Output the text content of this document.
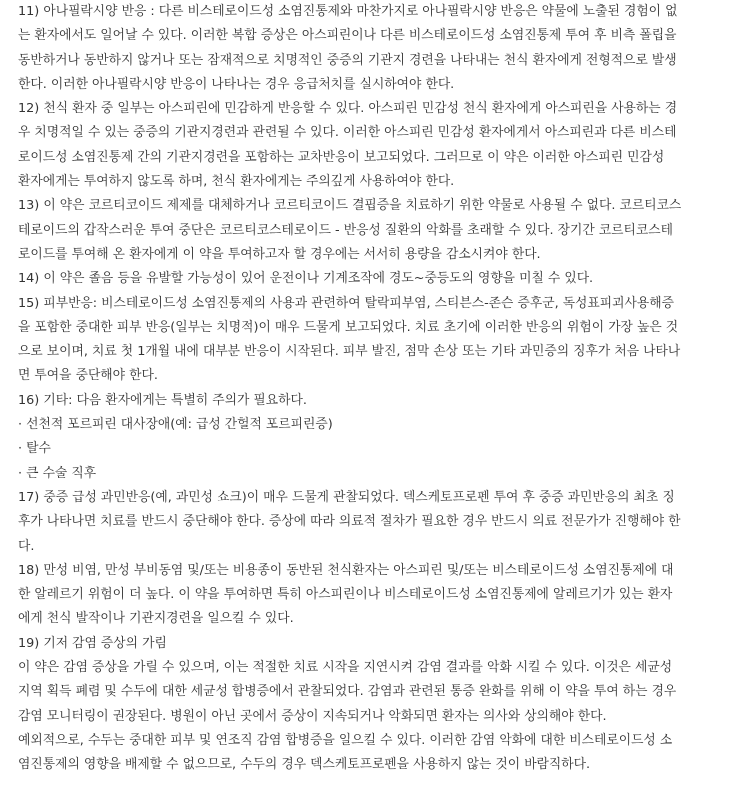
11) 아나필락시양 반응 : 다른 비스테로이드성 소염진통제와 마찬가지로 아나필락시양 반응은 약물에 노출된 경험이 없
는 환자에서도 일어날 수 있다. 이러한 복합 증상은 아스피린이나 다른 비스테로이드성 소염진통제 투여 후 비측 폴립을
동반하거나 동반하지 않거나 또는 잠재적으로 치명적인 중증의 기관지 경련을 나타내는 천식 환자에게 전형적으로 발생
한다. 이러한 아나필락시양 반응이 나타나는 경우 응급처치를 실시하여야 한다.
12) 천식 환자 중 일부는 아스피린에 민감하게 반응할 수 있다. 아스피린 민감성 천식 환자에게 아스피린을 사용하는 경
우 치명적일 수 있는 중증의 기관지경련과 관련될 수 있다. 이러한 아스피린 민감성 환자에게서 아스피린과 다른 비스테
로이드성 소염진통제 간의 기관지경련을 포함하는 교차반응이 보고되었다. 그러므로 이 약은 이러한 아스피린 민감성
환자에게는 투여하지 않도록 하며, 천식 환자에게는 주의깊게 사용하여야 한다.
13) 이 약은 코르티코이드 제제를 대체하거나 코르티코이드 결핍증을 치료하기 위한 약물로 사용될 수 없다. 코르티코스
테로이드의 갑작스러운 투여 중단은 코르티코스테로이드 - 반응성 질환의 악화를 초래할 수 있다. 장기간 코르티코스테
로이드를 투여해 온 환자에게 이 약을 투여하고자 할 경우에는 서서히 용량을 감소시켜야 한다.
14) 이 약은 졸음 등을 유발할 가능성이 있어 운전이나 기계조작에 경도~중등도의 영향을 미칠 수 있다.
15) 피부반응: 비스테로이드성 소염진통제의 사용과 관련하여 탈락피부염, 스티븐스-존슨 증후군, 독성표피괴사용해증
을 포함한 중대한 피부 반응(일부는 치명적)이 매우 드물게 보고되었다. 치료 초기에 이러한 반응의 위험이 가장 높은 것
으로 보이며, 치료 첫 1개월 내에 대부분 반응이 시작된다. 피부 발진, 점막 손상 또는 기타 과민증의 징후가 처음 나타나
면 투여을 중단해야 한다.
16) 기타: 다음 환자에게는 특별히 주의가 필요하다.
· 선천적 포르피린 대사장애(예: 급성 간헐적 포르피린증)
· 탈수
· 큰 수술 직후
17) 중증 급성 과민반응(예, 과민성 쇼크)이 매우 드물게 관찰되었다. 덱스케토프로펜 투여 후 중증 과민반응의 최초 징
후가 나타나면 치료를 반드시 중단해야 한다. 증상에 따라 의료적 절차가 필요한 경우 반드시 의료 전문가가 진행해야 한
다.
18) 만성 비염, 만성 부비동염 및/또는 비용종이 동반된 천식환자는 아스피린 및/또는 비스테로이드성 소염진통제에 대
한 알레르기 위험이 더 높다. 이 약을 투여하면 특히 아스피린이나 비스테로이드성 소염진통제에 알레르기가 있는 환자
에게 천식 발작이나 기관지경련을 일으킬 수 있다.
19) 기저 감염 증상의 가림
이 약은 감염 증상을 가릴 수 있으며, 이는 적절한 치료 시작을 지연시켜 감염 결과를 악화 시킬 수 있다. 이것은 세균성
지역 획득 폐렴 및 수두에 대한 세균성 합병증에서 관찰되었다. 감염과 관련된 통증 완화를 위해 이 약을 투여 하는 경우
감염 모니터링이 권장된다. 병원이 아닌 곳에서 증상이 지속되거나 악화되면 환자는 의사와 상의해야 한다.
예외적으로, 수두는 중대한 피부 및 연조직 감염 합병증을 일으킬 수 있다. 이러한 감염 악화에 대한 비스테로이드성 소
염진통제의 영향을 배제할 수 없으므로, 수두의 경우 덱스케토프로펜을 사용하지 않는 것이 바람직하다.
